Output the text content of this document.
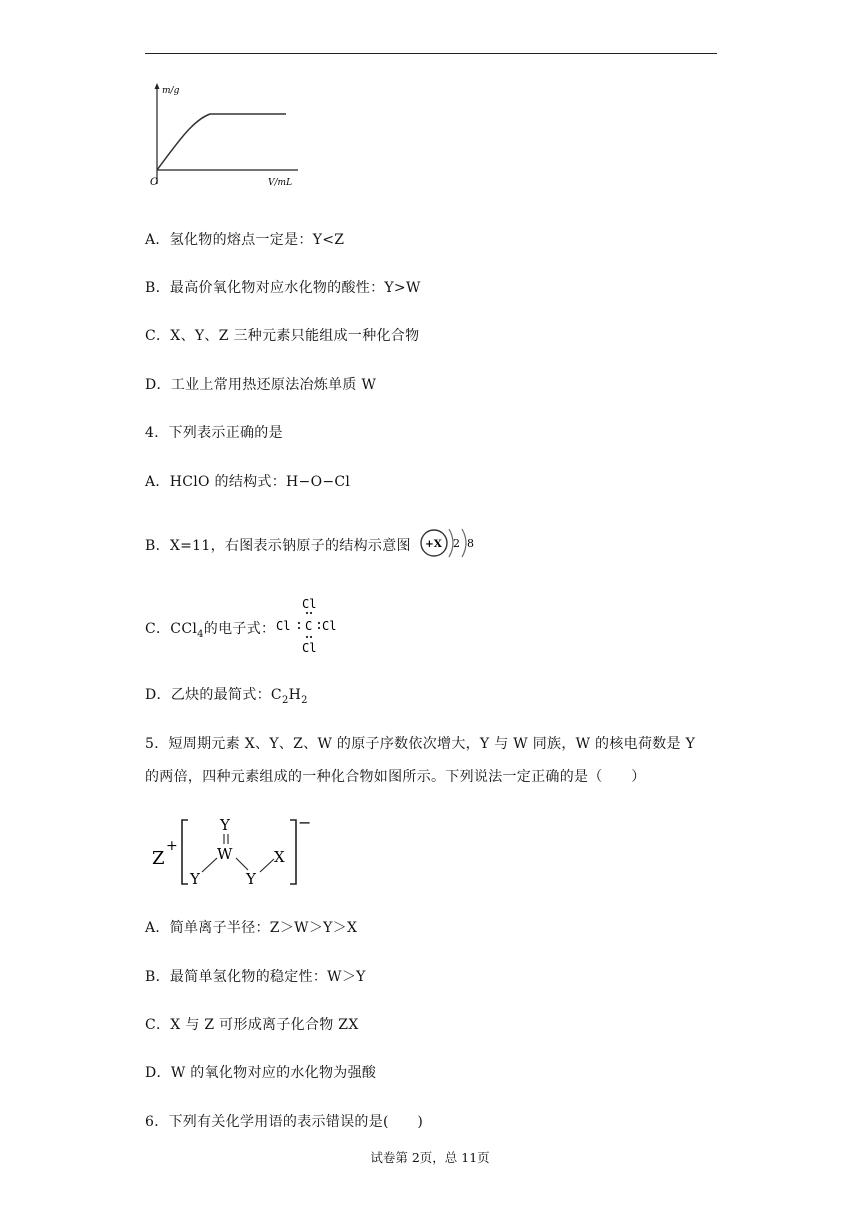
m/g
O	V/mL
A．氢化物的熔点一定是：Y<Z
B．最高价氧化物对应水化物的酸性：Y>W
C．X、Y、Z 三种元素只能组成一种化合物
D．工业上常用热还原法冶炼单质 W
4．下列表示正确的是
A．HClO 的结构式：H−O−Cl
B．X=11，右图表示钠原子的结构示意图 +X 2 8
C．CCl$_4$的电子式：
Cl
Cl C Cl
Cl
D．乙炔的最简式：$C_2H_2$
5．短周期元素 X、Y、Z、W 的原子序数依次增大，Y 与 W 同族，W 的核电荷数是 Y
的两倍，四种元素组成的一种化合物如图所示。下列说法一定正确的是（　　）
Z
+
−
Y
W
Y	Y
X
A．简单离子半径：Z＞W＞Y＞X
B．最简单氢化物的稳定性：W＞Y
C．X 与 Z 可形成离子化合物 ZX
D．W 的氧化物对应的水化物为强酸
6．下列有关化学用语的表示错误的是(　　)
试卷第 2页，总 11页
